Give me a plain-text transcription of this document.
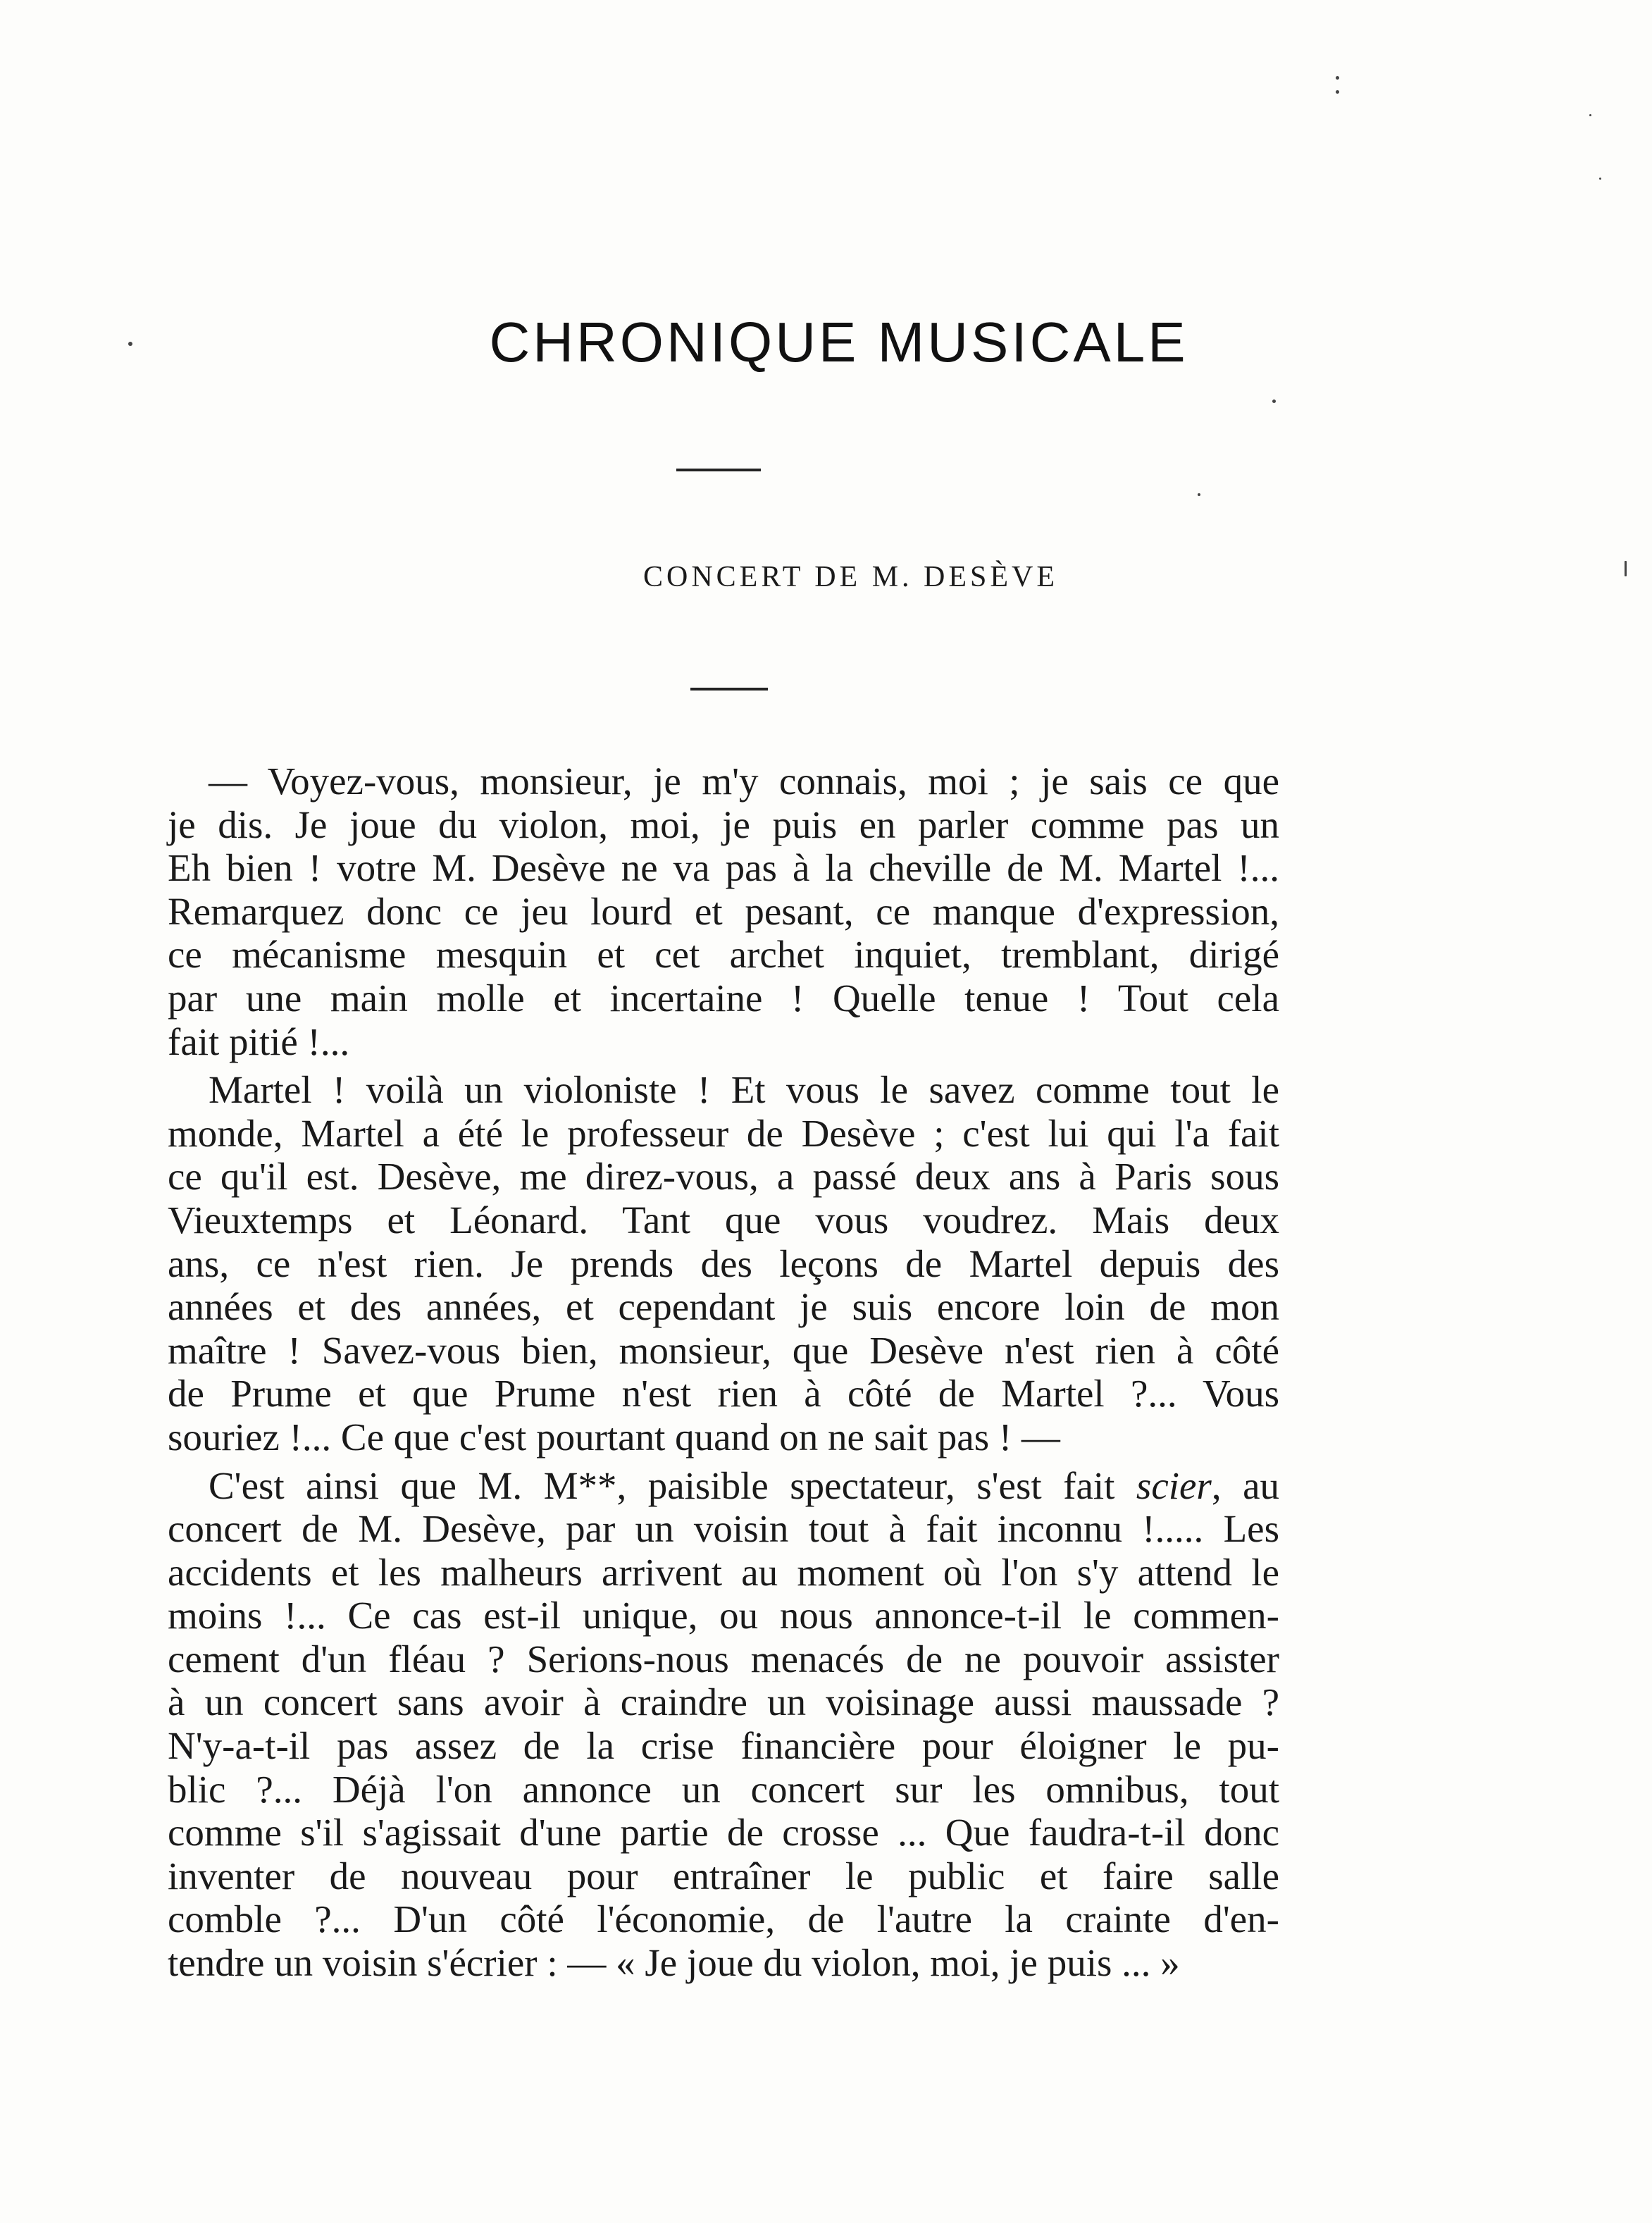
CHRONIQUE MUSICALE
CONCERT DE M. DESÈVE
— Voyez-vous, monsieur, je m'y connais, moi ; je sais ce que
je dis. Je joue du violon, moi, je puis en parler comme pas un
Eh bien ! votre M. Desève ne va pas à la cheville de M. Martel !...
Remarquez donc ce jeu lourd et pesant, ce manque d'expression,
ce mécanisme mesquin et cet archet inquiet, tremblant, dirigé
par une main molle et incertaine ! Quelle tenue ! Tout cela
fait pitié !...
Martel ! voilà un violoniste ! Et vous le savez comme tout le
monde, Martel a été le professeur de Desève ; c'est lui qui l'a fait
ce qu'il est. Desève, me direz-vous, a passé deux ans à Paris sous
Vieuxtemps et Léonard. Tant que vous voudrez. Mais deux
ans, ce n'est rien. Je prends des leçons de Martel depuis des
années et des années, et cependant je suis encore loin de mon
maître ! Savez-vous bien, monsieur, que Desève n'est rien à côté
de Prume et que Prume n'est rien à côté de Martel ?... Vous
souriez !... Ce que c'est pourtant quand on ne sait pas ! —
C'est ainsi que M. M**, paisible spectateur, s'est fait scier, au
concert de M. Desève, par un voisin tout à fait inconnu !..... Les
accidents et les malheurs arrivent au moment où l'on s'y attend le
moins !... Ce cas est-il unique, ou nous annonce-t-il le commen-
cement d'un fléau ? Serions-nous menacés de ne pouvoir assister
à un concert sans avoir à craindre un voisinage aussi maussade ?
N'y-a-t-il pas assez de la crise financière pour éloigner le pu-
blic ?... Déjà l'on annonce un concert sur les omnibus, tout
comme s'il s'agissait d'une partie de crosse ... Que faudra-t-il donc
inventer de nouveau pour entraîner le public et faire salle
comble ?... D'un côté l'économie, de l'autre la crainte d'en-
tendre un voisin s'écrier : — « Je joue du violon, moi, je puis ... »
